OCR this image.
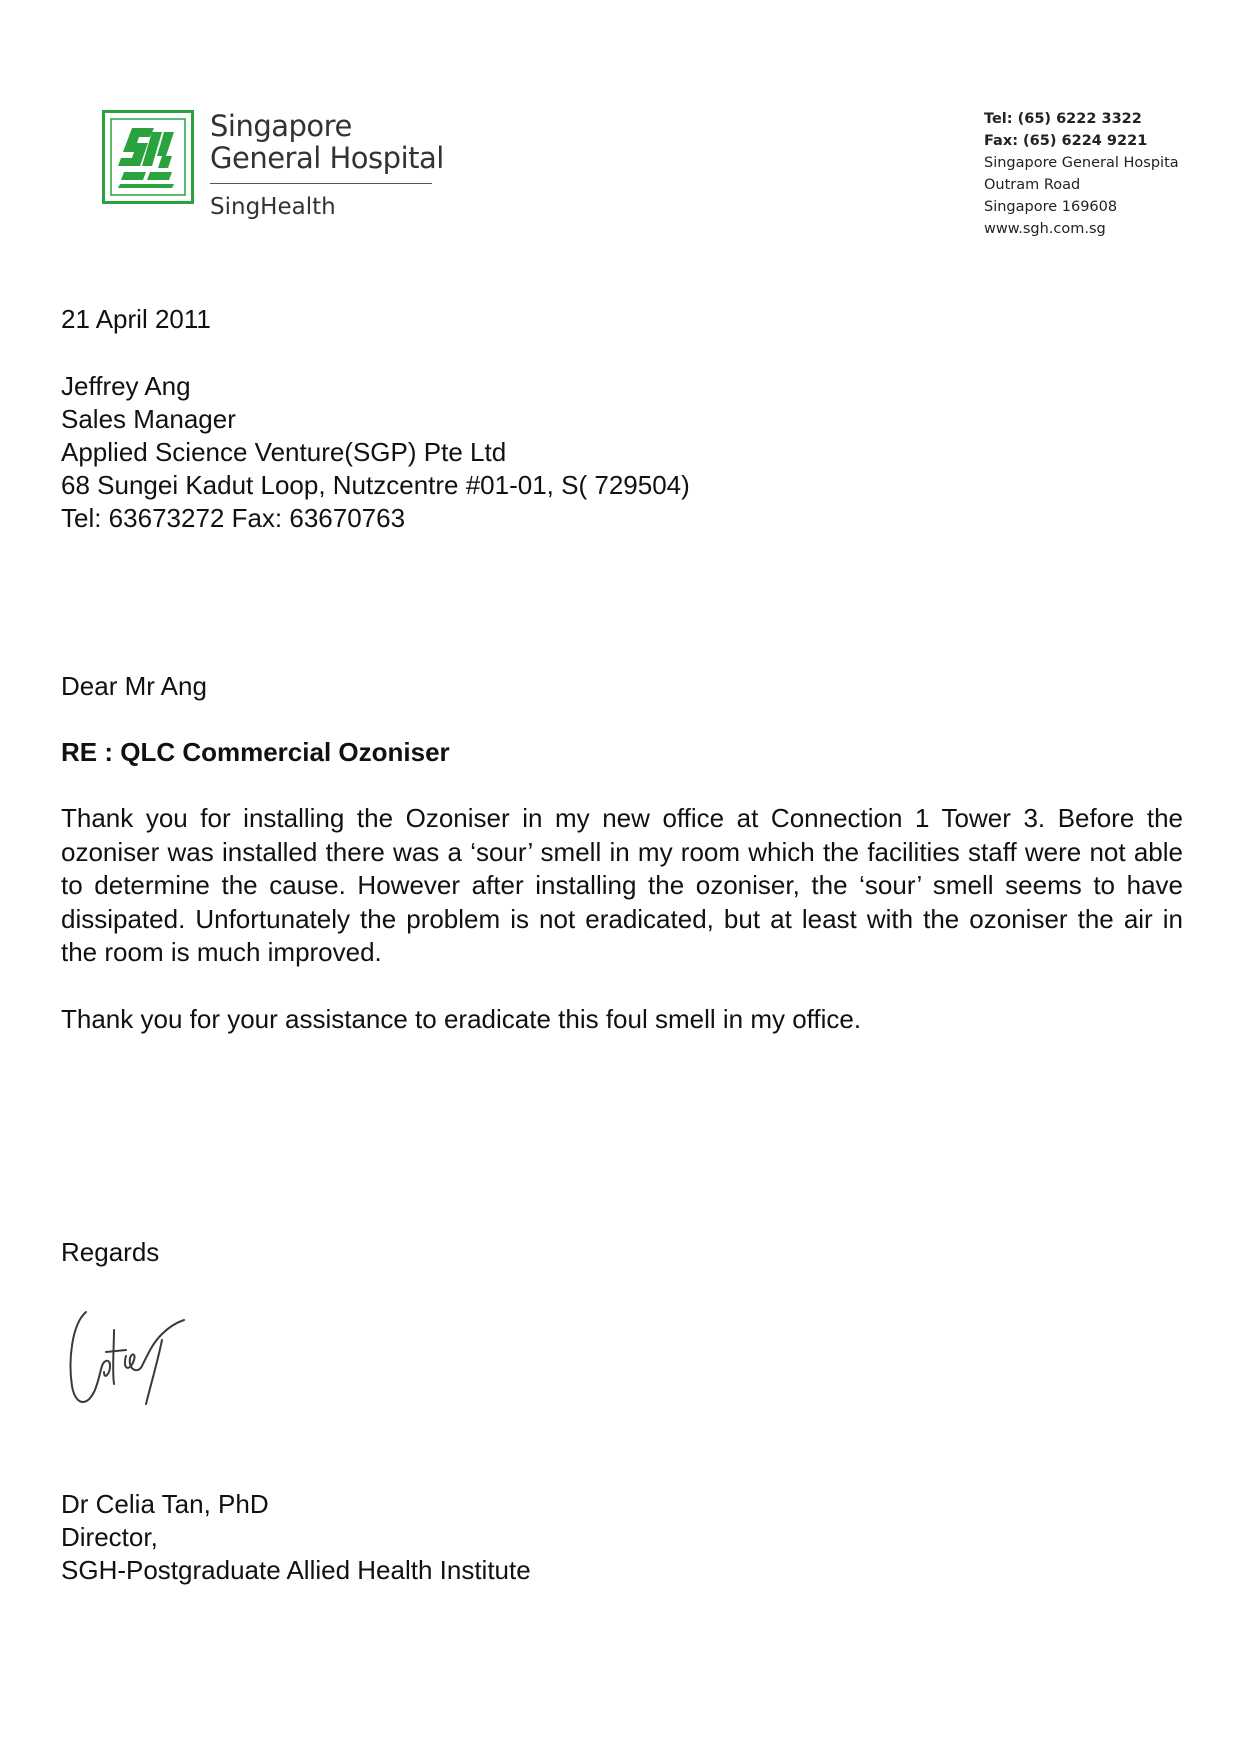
Singapore
General Hospital
SingHealth
Tel: (65) 6222 3322
Fax: (65) 6224 9221
Singapore General Hospita
Outram Road
Singapore 169608
www.sgh.com.sg
21 April 2011
Jeffrey Ang
Sales Manager
Applied Science Venture(SGP) Pte Ltd
68 Sungei Kadut Loop, Nutzcentre #01-01, S( 729504)
Tel: 63673272 Fax: 63670763
Dear Mr Ang
RE : QLC Commercial Ozoniser
Thank you for installing the Ozoniser in my new office at Connection 1 Tower 3. Before the ozoniser was installed there was a ‘sour’ smell in my room which the facilities staff were not able to determine the cause. However after installing the ozoniser, the ‘sour’ smell seems to have dissipated. Unfortunately the problem is not eradicated, but at least with the ozoniser the air in the room is much improved.
Thank you for your assistance to eradicate this foul smell in my office.
Regards
Dr Celia Tan, PhD
Director,
SGH-Postgraduate Allied Health Institute
